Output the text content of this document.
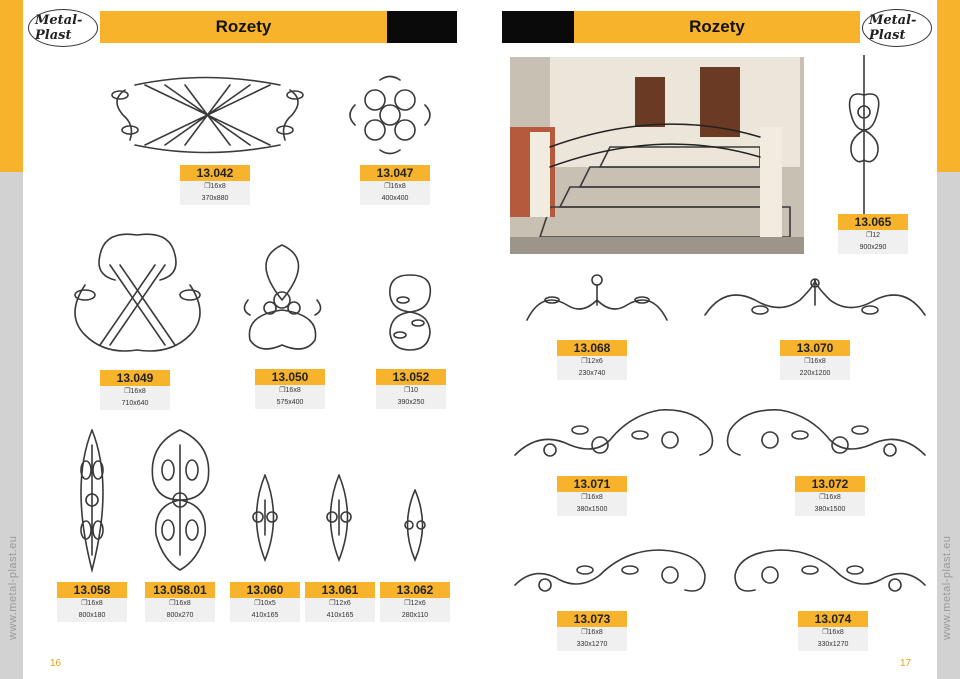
www.metal-plast.eu	www.metal-plast.eu
Metal-Plast	Rozety	Rozety	Metal-Plast
13.042
❒16x8
370x880
13.047
❒16x8
400x400
13.049
❒16x8
710x640
13.050
❒16x8
575x400
13.052
❒10
390x250
13.058
❒16x8
800x180
13.058.01
❒16x8
800x270
13.060
❒10x5
410x165
13.061
❒12x6
410x165
13.062
❒12x6
280x110
13.065
❒12
900x290
13.068
❒12x6
230x740
13.070
❒16x8
220x1200
13.071
❒16x8
380x1500
13.072
❒16x8
380x1500
13.073
❒16x8
330x1270
13.074
❒16x8
330x1270
16	17
